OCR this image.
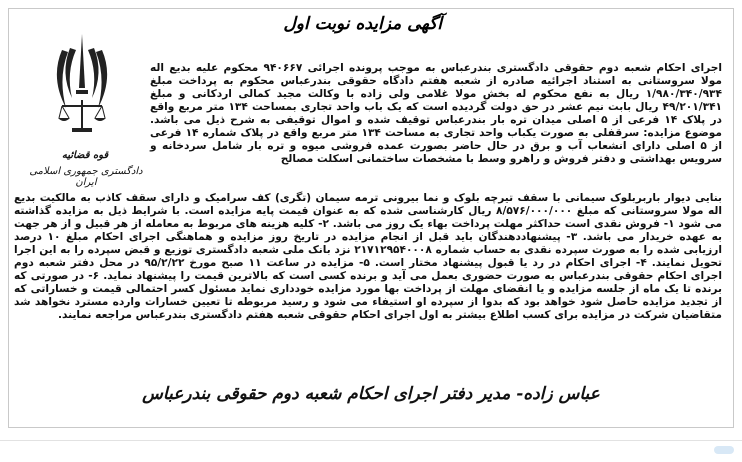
آگهی مزایده نوبت اول
قوه قضائیه
دادگستری جمهوری اسلامی ایران
اجرای احکام شعبه دوم حقوقی دادگستری بندرعباس به موجب پرونده اجرائی ۹۴۰۶۶۷ محکوم علیه بدیع اله مولا سروستانی به استناد اجرائیه صادره از شعبه هفتم دادگاه حقوقی بندرعباس محکوم به پرداخت مبلغ ۱/۹۸۰/۳۴۰/۹۳۴ ریال به نفع محکوم له بخش مولا غلامی ولی زاده با وکالت مجید کمالی اردکانی و مبلغ ۴۹/۲۰۱/۳۴۱ ریال بابت نیم عشر در حق دولت گردیده است که یک باب واحد تجاری بمساحت ۱۳۴ متر مربع واقع در پلاک ۱۴ فرعی از ۵ اصلی میدان تره بار بندرعباس توقیف شده و اموال توقیفی به شرح ذیل می باشد. موضوع مزایده: سرقفلی به صورت یکباب واحد تجاری به مساحت ۱۳۴ متر مربع واقع در پلاک شماره ۱۴ فرعی از ۵ اصلی دارای انشعاب آب و برق در حال حاضر بصورت عمده فروشی میوه و تره بار شامل سردخانه و سرویس بهداشتی و دفتر فروش و راهرو وسط با مشخصات ساختمانی اسکلت مصالح
بنایی دیوار باربربلوک سیمانی با سقف تیرچه بلوک و نما بیرونی ترمه سیمان (تگری) کف سرامیک و دارای سقف کاذب به مالکیت بدیع اله مولا سروستانی که مبلغ ۸/۵۷۶/۰۰۰/۰۰۰ ریال کارشناسی شده که به عنوان قیمت پایه مزایده است. با شرایط ذیل به مزایده گذاشته می شود ۱- فروش نقدی است حداکثر مهلت پرداخت بهاء یک روز می باشد. ۲- کلیه هزینه های مربوط به معامله از هر قبیل و از هر جهت به عهده خریدار می باشد. ۳- پیشنهاددهندگان باید قبل از انجام مزایده در تاریخ روز مزایده و هماهنگی اجرای احکام مبلغ ۱۰ درصد ارزیابی شده را به صورت سپرده نقدی به حساب شماره ۲۱۷۱۲۹۵۴۰۰۰۸ نزد بانک ملی شعبه دادگستری توزیع و قبض سپرده را به این اجرا تحویل نمایند. ۴- اجرای احکام در رد یا قبول پیشنهاد مختار است. ۵- مزایده در ساعت ۱۱ صبح مورخ ۹۵/۲/۲۲ در محل دفتر شعبه دوم اجرای احکام حقوقی بندرعباس به صورت حضوری بعمل می آید و برنده کسی است که بالاترین قیمت را پیشنهاد نماید. ۶- در صورتی که برنده تا یک ماه از جلسه مزایده و یا انقضای مهلت از پرداخت بها مورد مزایده خودداری نماید مسئول کسر احتمالی قیمت و خساراتی که از تجدید مزایده حاصل شود خواهد بود که بدوا از سپرده او استیفاء می شود و رسید مربوطه تا تعیین خسارات وارده مسترد نخواهد شد متقاضیان شرکت در مزایده برای کسب اطلاع بیشتر به اول اجرای احکام حقوقی شعبه هفتم دادگستری بندرعباس مراجعه نمایند.
عباس زاده- مدیر دفتر اجرای احکام شعبه دوم حقوقی بندرعباس
